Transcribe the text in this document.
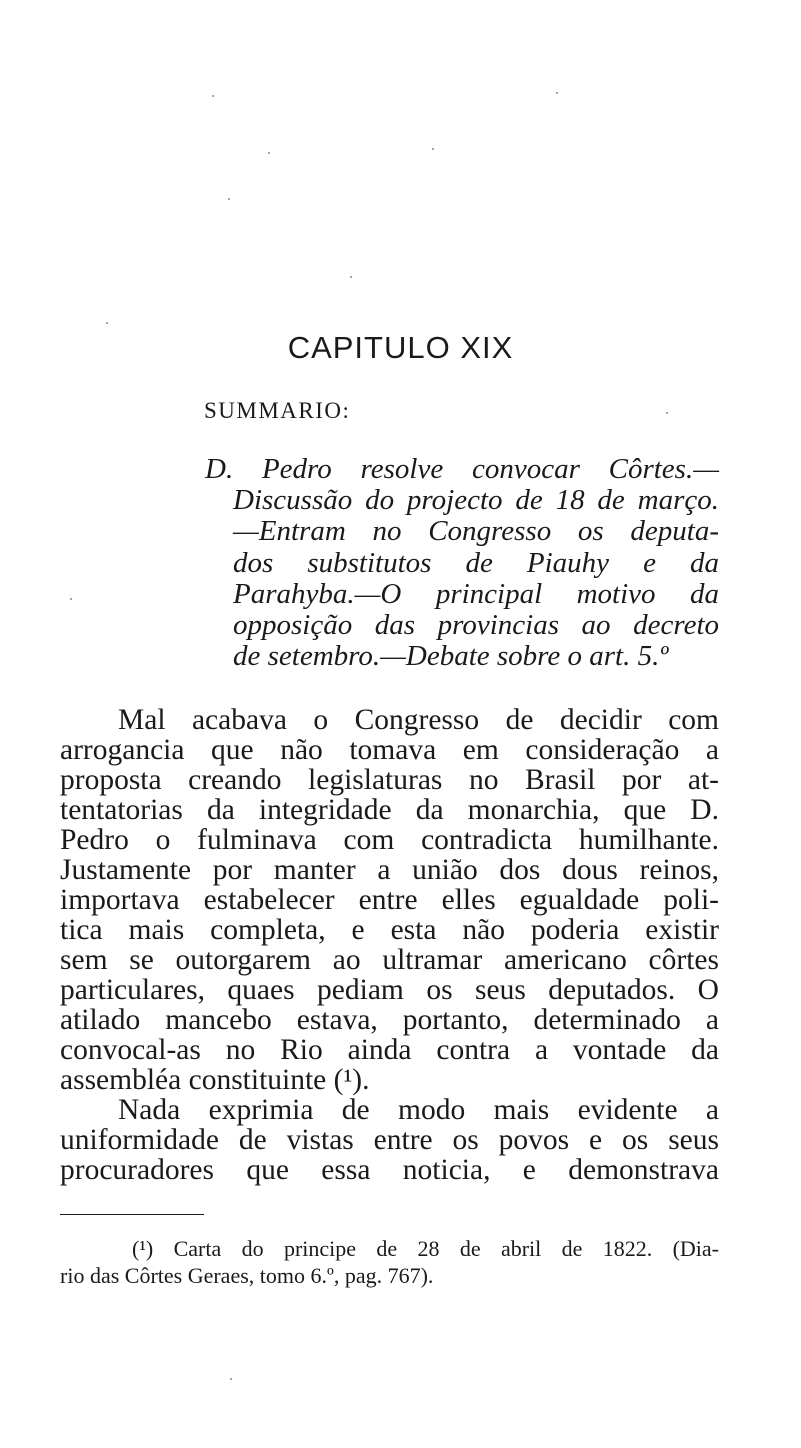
CAPITULO XIX

SUMMARIO:

D. Pedro resolve convocar Côrtes.—
Discussão do projecto de 18 de março.
—Entram no Congresso os deputa-
dos substitutos de Piauhy e da
Parahyba.—O principal motivo da
opposição das provincias ao decreto
de setembro.—Debate sobre o art. 5.º
Mal acabava o Congresso de decidir com
arrogancia que não tomava em consideração a
proposta creando legislaturas no Brasil por at-
tentatorias da integridade da monarchia, que D.
Pedro o fulminava com contradicta humilhante.
Justamente por manter a união dos dous reinos,
importava estabelecer entre elles egualdade poli-
tica mais completa, e esta não poderia existir
sem se outorgarem ao ultramar americano côrtes
particulares, quaes pediam os seus deputados. O
atilado mancebo estava, portanto, determinado a
convocal-as no Rio ainda contra a vontade da
assembléa constituinte (¹).
Nada exprimia de modo mais evidente a
uniformidade de vistas entre os povos e os seus
procuradores que essa noticia, e demonstrava
(¹) Carta do principe de 28 de abril de 1822. (Dia-
rio das Côrtes Geraes, tomo 6.º, pag. 767).
